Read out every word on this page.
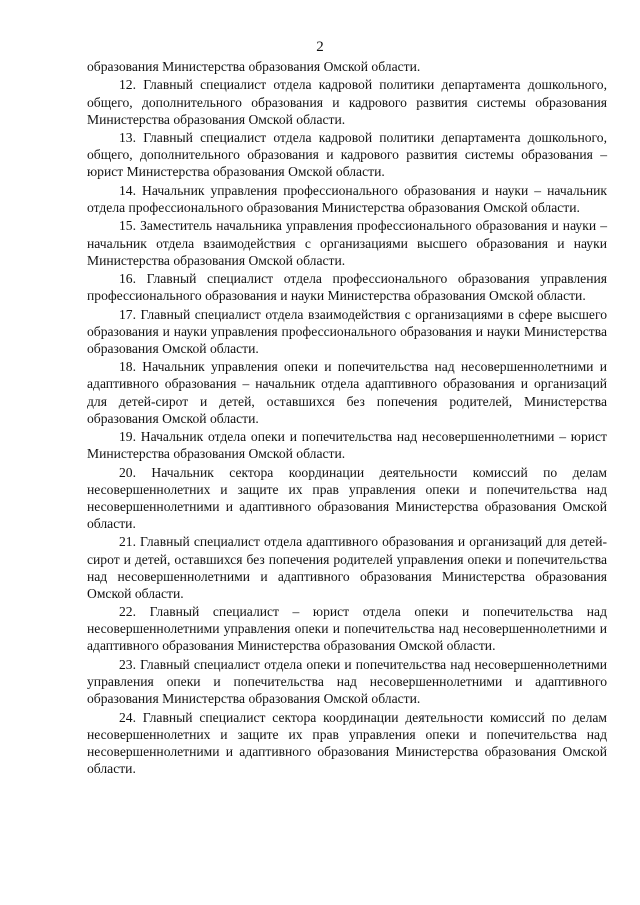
2

образования Министерства образования Омской области.

12. Главный специалист отдела кадровой политики департамента дошкольного, общего, дополнительного образования и кадрового развития системы образования Министерства образования Омской области.

13. Главный специалист отдела кадровой политики департамента дошкольного, общего, дополнительного образования и кадрового развития системы образования – юрист Министерства образования Омской области.

14. Начальник управления профессионального образования и науки – начальник отдела профессионального образования Министерства образования Омской области.

15. Заместитель начальника управления профессионального образования и науки – начальник отдела взаимодействия с организациями высшего образования и науки Министерства образования Омской области.

16. Главный специалист отдела профессионального образования управления профессионального образования и науки Министерства образования Омской области.

17. Главный специалист отдела взаимодействия с организациями в сфере высшего образования и науки управления профессионального образования и науки Министерства образования Омской области.

18. Начальник управления опеки и попечительства над несовершеннолетними и адаптивного образования – начальник отдела адаптивного образования и организаций для детей-сирот и детей, оставшихся без попечения родителей, Министерства образования Омской области.

19. Начальник отдела опеки и попечительства над несовершеннолетними – юрист Министерства образования Омской области.

20. Начальник сектора координации деятельности комиссий по делам несовершеннолетних и защите их прав управления опеки и попечительства над несовершеннолетними и адаптивного образования Министерства образования Омской области.

21. Главный специалист отдела адаптивного образования и организаций для детей-сирот и детей, оставшихся без попечения родителей управления опеки и попечительства над несовершеннолетними и адаптивного образования Министерства образования Омской области.

22. Главный специалист – юрист отдела опеки и попечительства над несовершеннолетними управления опеки и попечительства над несовершеннолетними и адаптивного образования Министерства образования Омской области.

23. Главный специалист отдела опеки и попечительства над несовершеннолетними управления опеки и попечительства над несовершеннолетними и адаптивного образования Министерства образования Омской области.

24. Главный специалист сектора координации деятельности комиссий по делам несовершеннолетних и защите их прав управления опеки и попечительства над несовершеннолетними и адаптивного образования Министерства образования Омской области.
